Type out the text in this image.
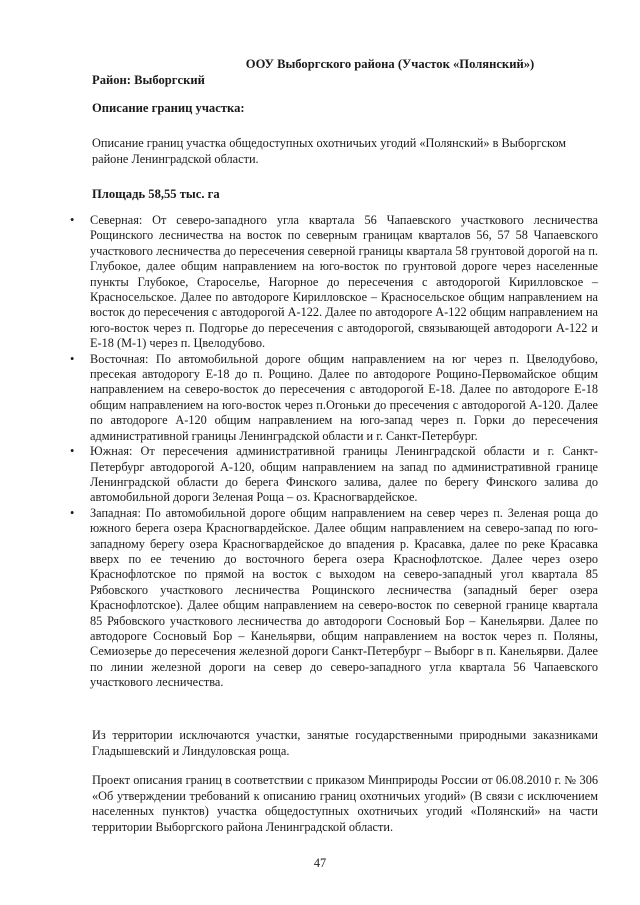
ООУ Выборгского района (Участок «Полянский»)
Район: Выборгский
Описание границ участка:
Описание границ участка общедоступных охотничьих угодий «Полянский» в Выборгском районе Ленинградской области.
Площадь 58,55 тыс. га
• Северная: От северо-западного угла квартала 56 Чапаевского участкового лесничества Рощинского лесничества на восток по северным границам кварталов 56, 57 58 Чапаевского участкового лесничества до пересечения северной границы квартала 58 грунтовой дорогой на п. Глубокое, далее общим направлением на юго-восток по грунтовой дороге через населенные пункты Глубокое, Староселье, Нагорное до пересечения с автодорогой Кирилловское – Красносельское. Далее по автодороге Кирилловское – Красносельское общим направлением на восток до пересечения с автодорогой А-122. Далее по автодороге А-122 общим направлением на юго-восток через п. Подгорье до пересечения с автодорогой, связывающей автодороги А-122 и Е-18 (М-1) через п. Цвелодубово.
• Восточная: По автомобильной дороге общим направлением на юг через п. Цвелодубово, пресекая автодорогу Е-18 до п. Рощино. Далее по автодороге Рощино-Первомайское общим направлением на северо-восток до пересечения с автодорогой Е-18. Далее по автодороге Е-18 общим направлением на юго-восток через п.Огоньки до пресечения с автодорогой А-120. Далее по автодороге А-120 общим направлением на юго-запад через п. Горки до пересечения административной границы Ленинградской области и г. Санкт-Петербург.
• Южная: От пересечения административной границы Ленинградской области и г. Санкт-Петербург автодорогой А-120, общим направлением на запад по административной границе Ленинградской области до берега Финского залива, далее по берегу Финского залива до автомобильной дороги Зеленая Роща – оз. Красногвардейское.
• Западная: По автомобильной дороге общим направлением на север через п. Зеленая роща до южного берега озера Красногвардейское. Далее общим направлением на северо-запад по юго-западному берегу озера Красногвардейское до впадения р. Красавка, далее по реке Красавка вверх по ее течению до восточного берега озера Краснофлотское. Далее через озеро Краснофлотское по прямой на восток с выходом на северо-западный угол квартала 85 Рябовского участкового лесничества Рощинского лесничества (западный берег озера Краснофлотское). Далее общим направлением на северо-восток по северной границе квартала 85 Рябовского участкового лесничества до автодороги Сосновый Бор – Канельярви. Далее по автодороге Сосновый Бор – Канельярви, общим направлением на восток через п. Поляны, Семиозерье до пересечения железной дороги Санкт-Петербург – Выборг в п. Канельярви. Далее по линии железной дороги на север до северо-западного угла квартала 56 Чапаевского участкового лесничества.
Из территории исключаются участки, занятые государственными природными заказниками Гладышевский и Линдуловская роща.
Проект описания границ в соответствии с приказом Минприроды России от 06.08.2010 г. № 306 «Об утверждении требований к описанию границ охотничьих угодий» (В связи с исключением населенных пунктов) участка общедоступных охотничьих угодий «Полянский» на части территории Выборгского района Ленинградской области.
47
